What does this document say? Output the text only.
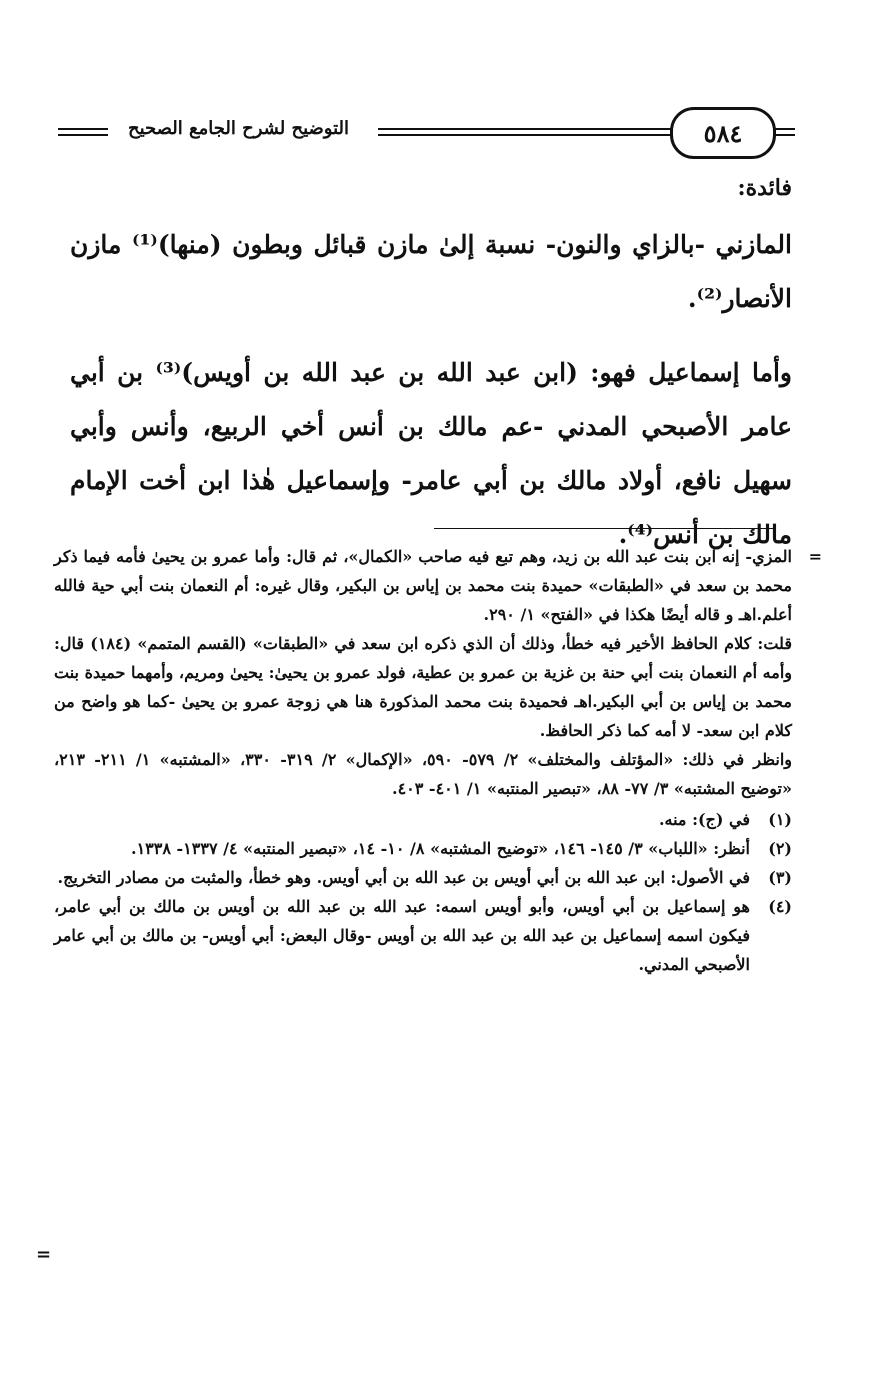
التوضيح لشرح الجامع الصحيح	٥٨٤
فائدة:

المازني -بالزاي والنون- نسبة إلىٰ مازن قبائل وبطون (منها)⁽¹⁾ مازن الأنصار⁽²⁾.

وأما إسماعيل فهو: (ابن عبد الله بن عبد الله بن أويس)⁽³⁾ بن أبي عامر الأصبحي المدني -عم مالك بن أنس أخي الربيع، وأنس وأبي سهيل نافع، أولاد مالك بن أبي عامر- وإسماعيل هٰذا ابن أخت الإمام مالك بن أنس⁽⁴⁾.

=
المزي- إنه ابن بنت عبد الله بن زيد، وهم تبع فيه صاحب «الكمال»، ثم قال: وأما عمرو بن يحيىٰ فأمه فيما ذكر محمد بن سعد في «الطبقات» حميدة بنت محمد بن إياس بن البكير، وقال غيره: أم النعمان بنت أبي حية فالله أعلم.اهـ و قاله أيضًا هكذا في «الفتح» ١/ ٢٩٠.
قلت: كلام الحافظ الأخير فيه خطأ، وذلك أن الذي ذكره ابن سعد في «الطبقات» (القسم المتمم» (١٨٤) قال: وأمه أم النعمان بنت أبي حنة بن غزية بن عمرو بن عطية، فولد عمرو بن يحيىٰ: يحيىٰ ومريم، وأمهما حميدة بنت محمد بن إياس بن أبي البكير.اهـ فحميدة بنت محمد المذكورة هنا هي زوجة عمرو بن يحيىٰ -كما هو واضح من كلام ابن سعد- لا أمه كما ذكر الحافظ.
وانظر في ذلك: «المؤتلف والمختلف» ٢/ ٥٧٩- ٥٩٠، «الإكمال» ٢/ ٣١٩- ٣٣٠، «المشتبه» ١/ ٢١١- ٢١٣، «توضيح المشتبه» ٣/ ٧٧- ٨٨، «تبصير المنتبه» ١/ ٤٠١- ٤٠٣.
(١)
في (ج): منه.
(٢)
أنظر: «اللباب» ٣/ ١٤٥- ١٤٦، «توضيح المشتبه» ٨/ ١٠- ١٤، «تبصير المنتبه» ٤/ ١٣٣٧- ١٣٣٨.
(٣)
في الأصول: ابن عبد الله بن أبي أويس بن عبد الله بن أبي أويس. وهو خطأ، والمثبت من مصادر التخريج.
(٤)
هو إسماعيل بن أبي أويس، وأبو أويس اسمه: عبد الله بن عبد الله بن أويس بن مالك بن أبي عامر، فيكون اسمه إسماعيل بن عبد الله بن عبد الله بن أويس -وقال البعض: أبي أويس- بن مالك بن أبي عامر الأصبحي المدني.
=
